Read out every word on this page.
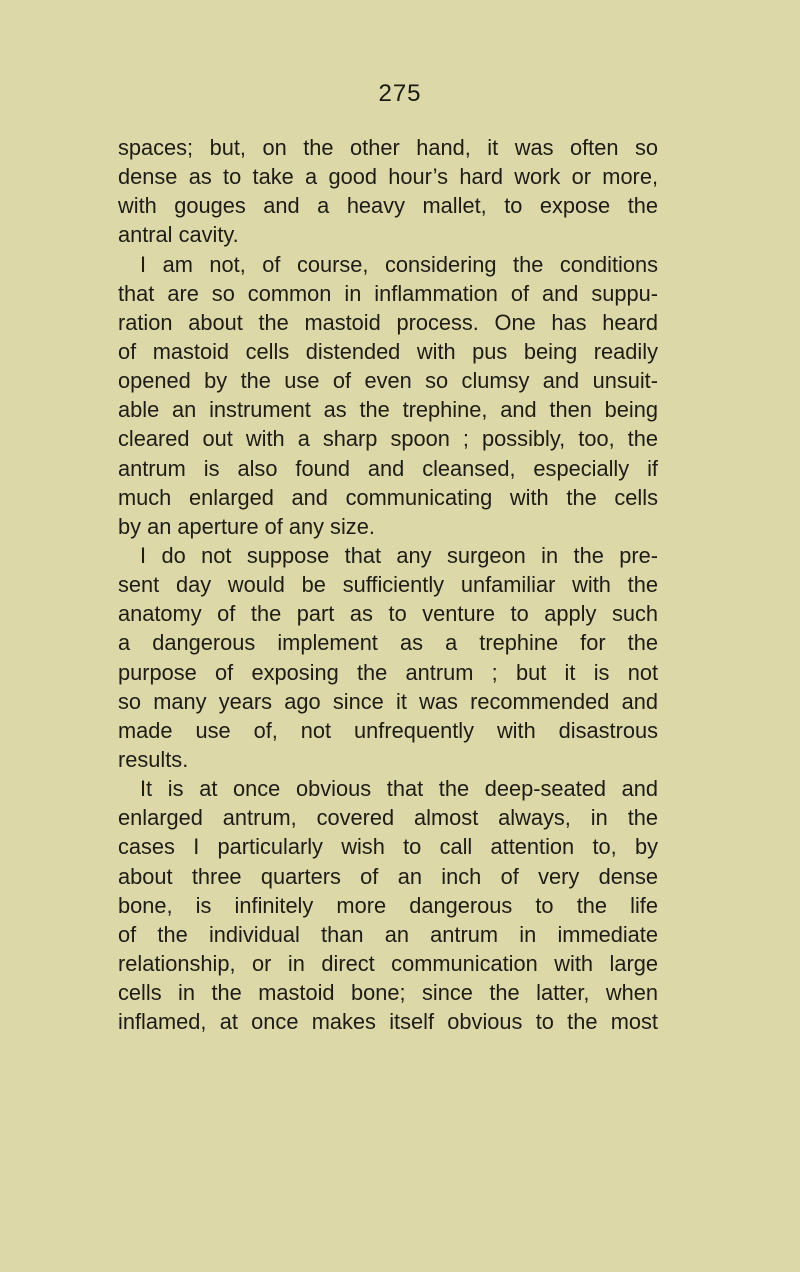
275
spaces; but, on the other hand, it was often so
dense as to take a good hour’s hard work or more,
with gouges and a heavy mallet, to expose the
antral cavity.
I am not, of course, considering the conditions
that are so common in inflammation of and suppu-
ration about the mastoid process. One has heard
of mastoid cells distended with pus being readily
opened by the use of even so clumsy and unsuit-
able an instrument as the trephine, and then being
cleared out with a sharp spoon ; possibly, too, the
antrum is also found and cleansed, especially if
much enlarged and communicating with the cells
by an aperture of any size.
I do not suppose that any surgeon in the pre-
sent day would be sufficiently unfamiliar with the
anatomy of the part as to venture to apply such
a dangerous implement as a trephine for the
purpose of exposing the antrum ; but it is not
so many years ago since it was recommended and
made use of, not unfrequently with disastrous
results.
It is at once obvious that the deep-seated and
enlarged antrum, covered almost always, in the
cases I particularly wish to call attention to, by
about three quarters of an inch of very dense
bone, is infinitely more dangerous to the life
of the individual than an antrum in immediate
relationship, or in direct communication with large
cells in the mastoid bone; since the latter, when
inflamed, at once makes itself obvious to the most
